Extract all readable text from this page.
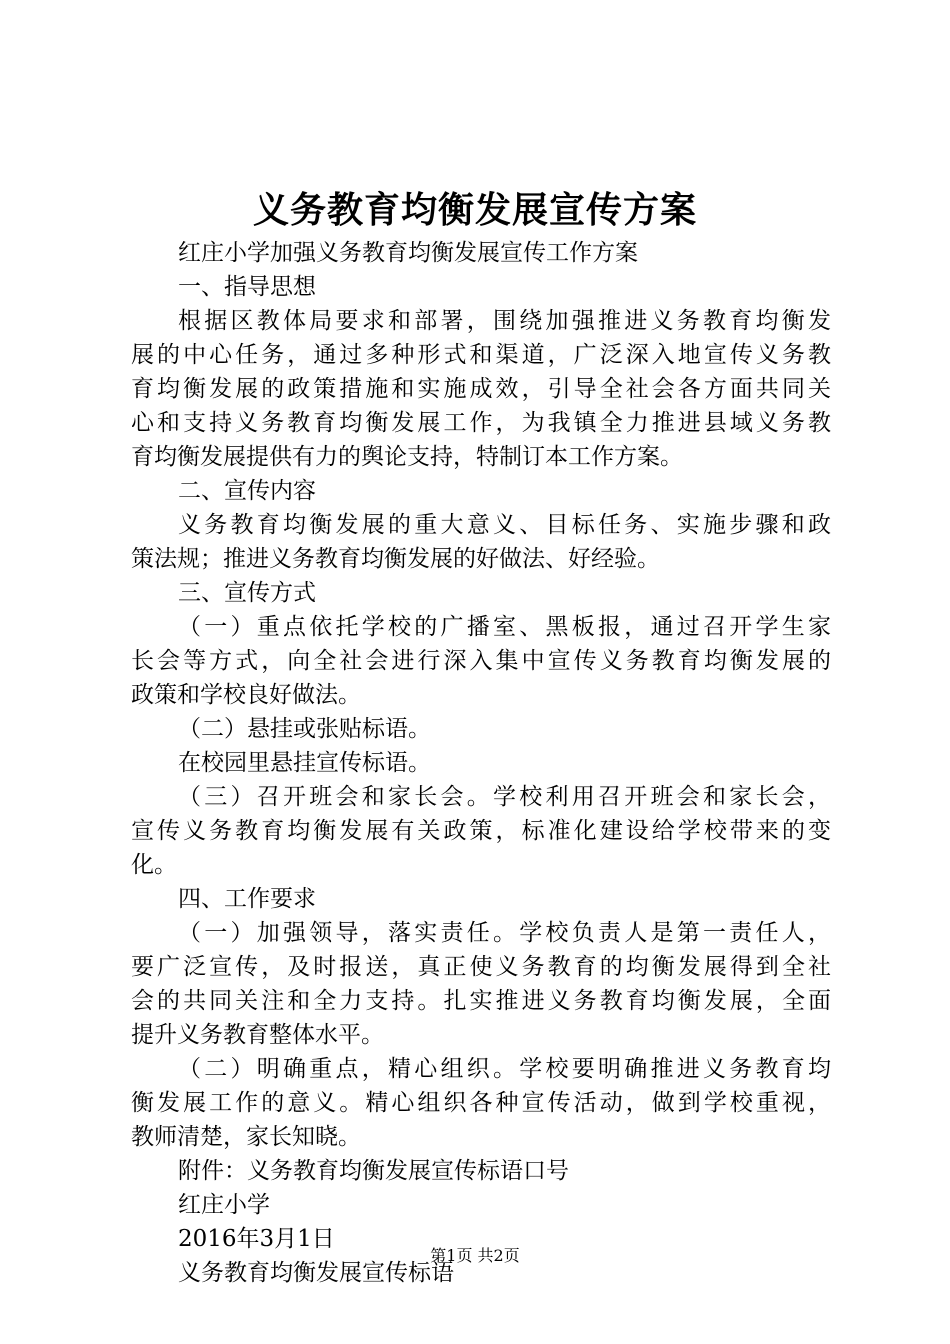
义务教育均衡发展宣传方案
红庄小学加强义务教育均衡发展宣传工作方案
一、指导思想
根据区教体局要求和部署，围绕加强推进义务教育均衡发
展的中心任务，通过多种形式和渠道，广泛深入地宣传义务教
育均衡发展的政策措施和实施成效，引导全社会各方面共同关
心和支持义务教育均衡发展工作，为我镇全力推进县域义务教
育均衡发展提供有力的舆论支持，特制订本工作方案。
二、宣传内容
义务教育均衡发展的重大意义、目标任务、实施步骤和政
策法规；推进义务教育均衡发展的好做法、好经验。
三、宣传方式
（一）重点依托学校的广播室、黑板报，通过召开学生家
长会等方式，向全社会进行深入集中宣传义务教育均衡发展的
政策和学校良好做法。
（二）悬挂或张贴标语。
在校园里悬挂宣传标语。
（三）召开班会和家长会。学校利用召开班会和家长会，
宣传义务教育均衡发展有关政策，标准化建设给学校带来的变
化。
四、工作要求
（一）加强领导，落实责任。学校负责人是第一责任人，
要广泛宣传，及时报送，真正使义务教育的均衡发展得到全社
会的共同关注和全力支持。扎实推进义务教育均衡发展，全面
提升义务教育整体水平。
（二）明确重点，精心组织。学校要明确推进义务教育均
衡发展工作的意义。精心组织各种宣传活动，做到学校重视，
教师清楚，家长知晓。
附件：义务教育均衡发展宣传标语口号
红庄小学
2016年3月1日
义务教育均衡发展宣传标语
第1页 共2页
